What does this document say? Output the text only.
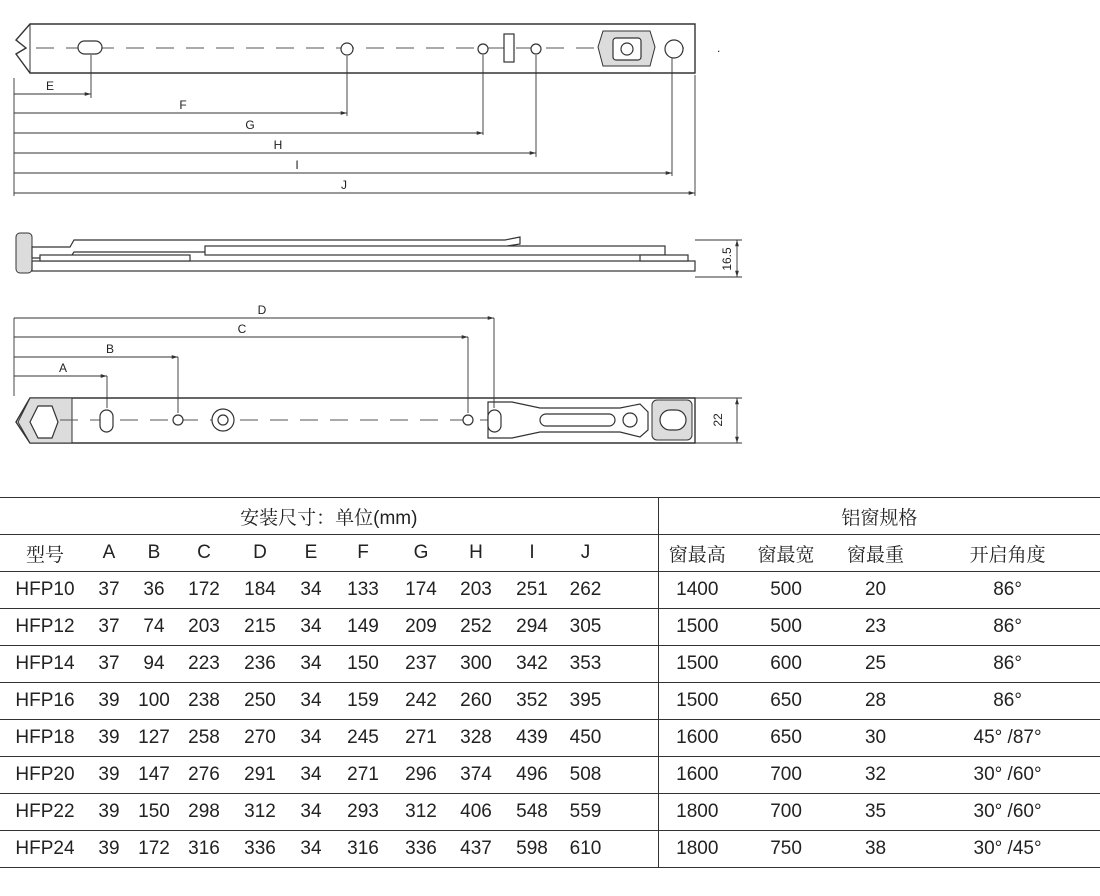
.
E
F
G
H
I
J
16.5
D
C
B
A
22
安装尺寸：单位(mm)												铝窗规格			
型号	A	B	C	D	E	F	G	H	I	J		窗最高	窗最宽	窗最重	开启角度
HFP10	37	36	172	184	34	133	174	203	251	262		1400	500	20	86°
HFP12	37	74	203	215	34	149	209	252	294	305		1500	500	23	86°
HFP14	37	94	223	236	34	150	237	300	342	353		1500	600	25	86°
HFP16	39	100	238	250	34	159	242	260	352	395		1500	650	28	86°
HFP18	39	127	258	270	34	245	271	328	439	450		1600	650	30	45° /87°
HFP20	39	147	276	291	34	271	296	374	496	508		1600	700	32	30° /60°
HFP22	39	150	298	312	34	293	312	406	548	559		1800	700	35	30° /60°
HFP24	39	172	316	336	34	316	336	437	598	610		1800	750	38	30° /45°
